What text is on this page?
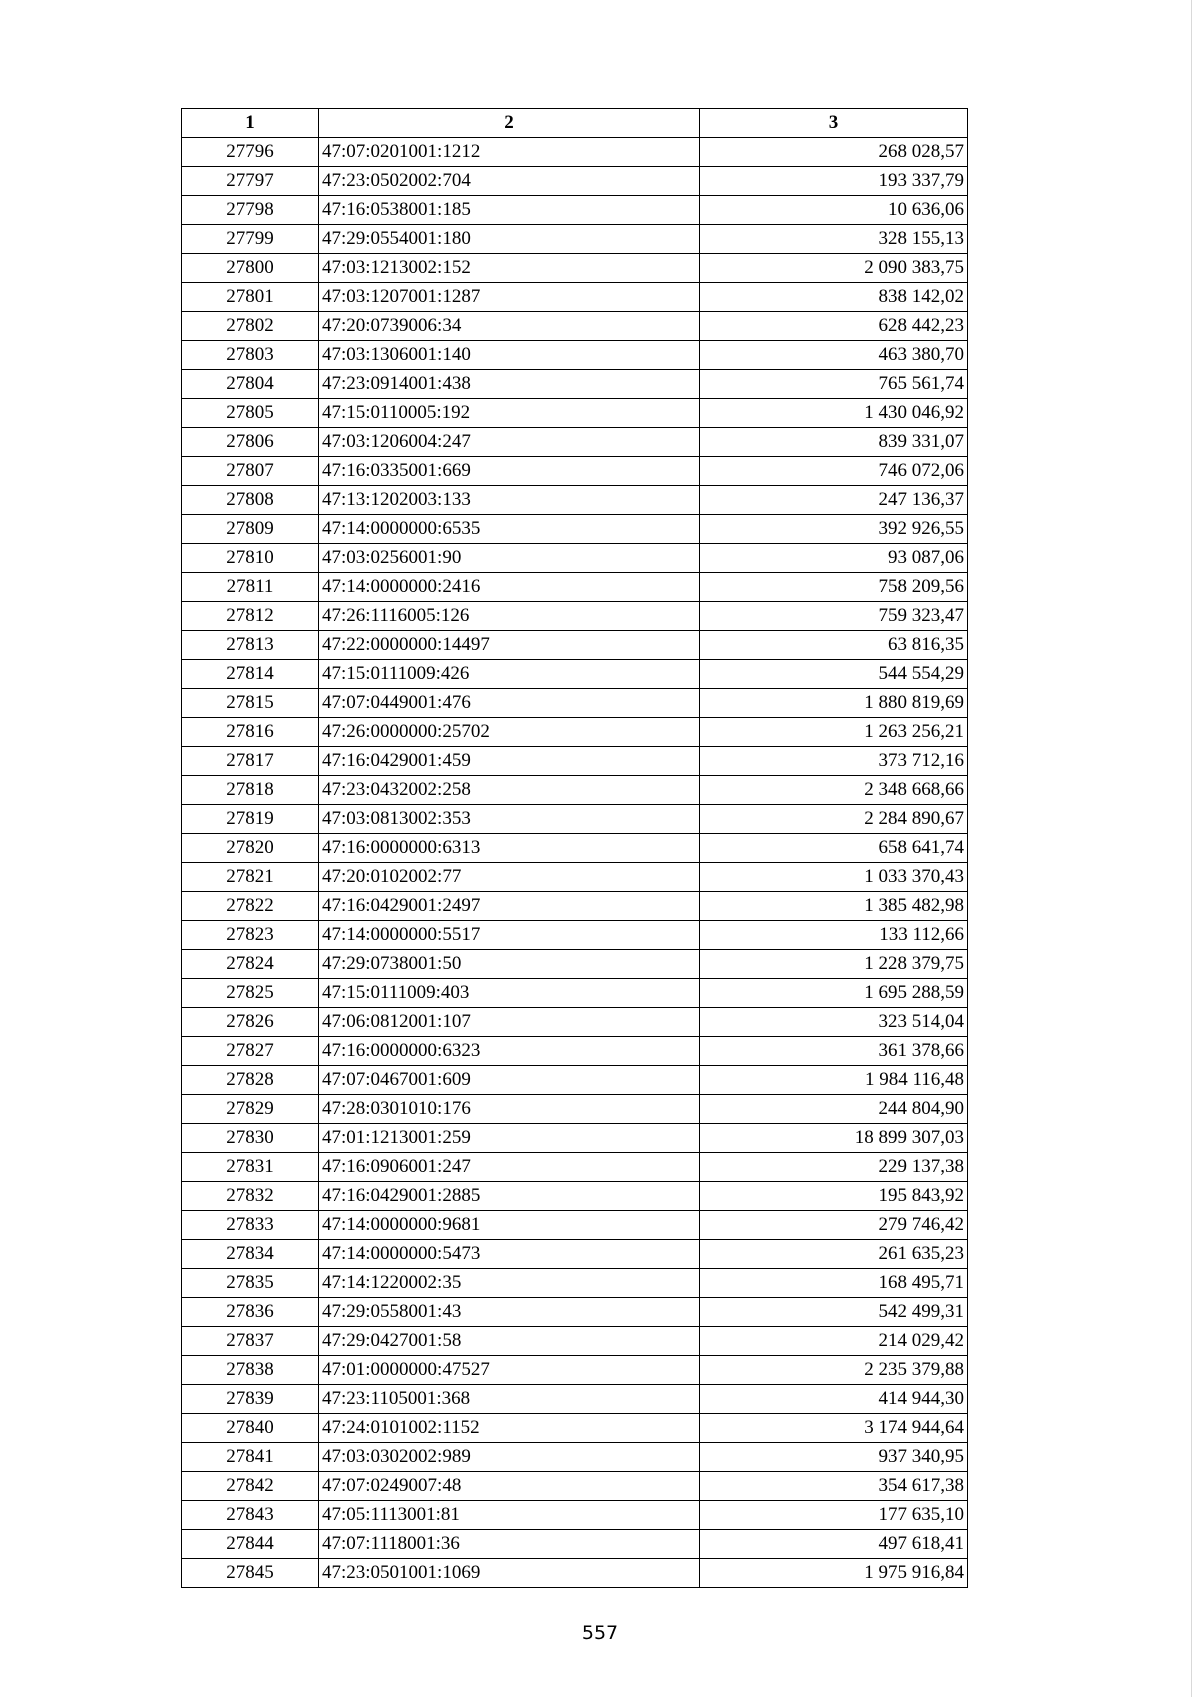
1	2	3
27796	47:07:0201001:1212	268 028,57
27797	47:23:0502002:704	193 337,79
27798	47:16:0538001:185	10 636,06
27799	47:29:0554001:180	328 155,13
27800	47:03:1213002:152	2 090 383,75
27801	47:03:1207001:1287	838 142,02
27802	47:20:0739006:34	628 442,23
27803	47:03:1306001:140	463 380,70
27804	47:23:0914001:438	765 561,74
27805	47:15:0110005:192	1 430 046,92
27806	47:03:1206004:247	839 331,07
27807	47:16:0335001:669	746 072,06
27808	47:13:1202003:133	247 136,37
27809	47:14:0000000:6535	392 926,55
27810	47:03:0256001:90	93 087,06
27811	47:14:0000000:2416	758 209,56
27812	47:26:1116005:126	759 323,47
27813	47:22:0000000:14497	63 816,35
27814	47:15:0111009:426	544 554,29
27815	47:07:0449001:476	1 880 819,69
27816	47:26:0000000:25702	1 263 256,21
27817	47:16:0429001:459	373 712,16
27818	47:23:0432002:258	2 348 668,66
27819	47:03:0813002:353	2 284 890,67
27820	47:16:0000000:6313	658 641,74
27821	47:20:0102002:77	1 033 370,43
27822	47:16:0429001:2497	1 385 482,98
27823	47:14:0000000:5517	133 112,66
27824	47:29:0738001:50	1 228 379,75
27825	47:15:0111009:403	1 695 288,59
27826	47:06:0812001:107	323 514,04
27827	47:16:0000000:6323	361 378,66
27828	47:07:0467001:609	1 984 116,48
27829	47:28:0301010:176	244 804,90
27830	47:01:1213001:259	18 899 307,03
27831	47:16:0906001:247	229 137,38
27832	47:16:0429001:2885	195 843,92
27833	47:14:0000000:9681	279 746,42
27834	47:14:0000000:5473	261 635,23
27835	47:14:1220002:35	168 495,71
27836	47:29:0558001:43	542 499,31
27837	47:29:0427001:58	214 029,42
27838	47:01:0000000:47527	2 235 379,88
27839	47:23:1105001:368	414 944,30
27840	47:24:0101002:1152	3 174 944,64
27841	47:03:0302002:989	937 340,95
27842	47:07:0249007:48	354 617,38
27843	47:05:1113001:81	177 635,10
27844	47:07:1118001:36	497 618,41
27845	47:23:0501001:1069	1 975 916,84
557
